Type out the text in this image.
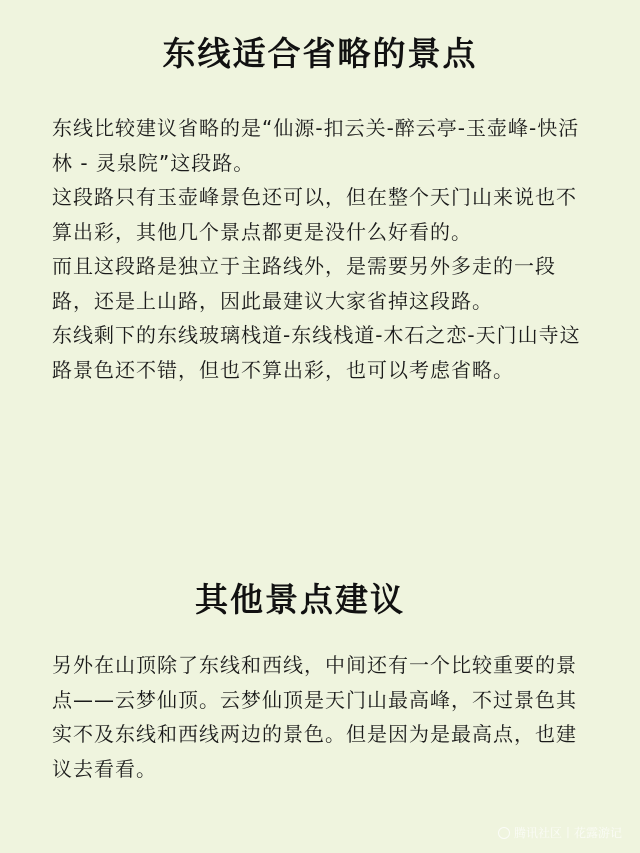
东线适合省略的景点

东线比较建议省略的是“仙源-扣云关-醉云亭-玉壶峰-快活林 - 灵泉院”这段路。

这段路只有玉壶峰景色还可以，但在整个天门山来说也不算出彩，其他几个景点都更是没什么好看的。

而且这段路是独立于主路线外，是需要另外多走的一段路，还是上山路，因此最建议大家省掉这段路。

东线剩下的东线玻璃栈道-东线栈道-木石之恋-天门山寺这路景色还不错，但也不算出彩，也可以考虑省略。

其他景点建议

另外在山顶除了东线和西线，中间还有一个比较重要的景点——云梦仙顶。云梦仙顶是天门山最高峰，不过景色其实不及东线和西线两边的景色。但是因为是最高点，也建议去看看。

腾讯社区丨花露游记
